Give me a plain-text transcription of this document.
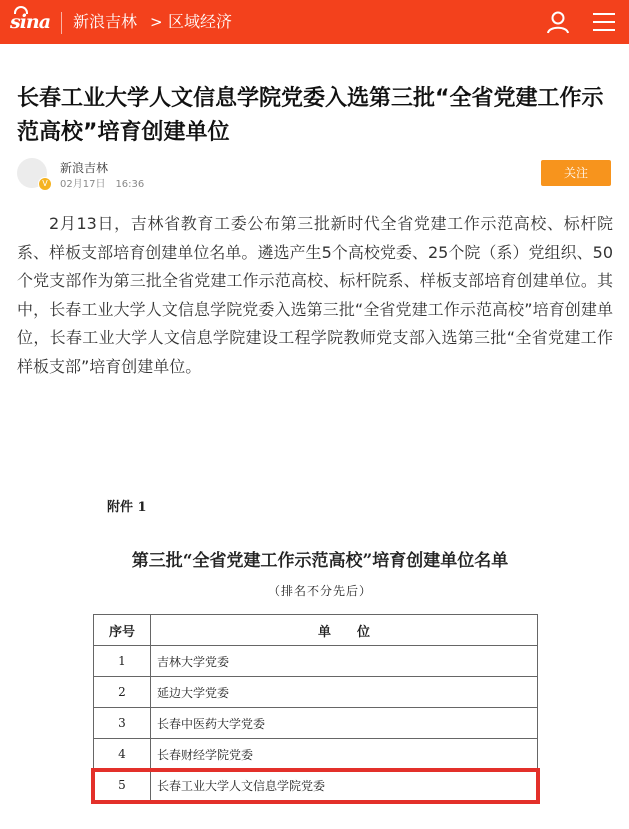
sina 新浪吉林 > 区域经济
长春工业大学人文信息学院党委入选第三批“全省党建工作示范高校”培育创建单位
V
新浪吉林
02月17日　16:36
关注

2月13日，吉林省教育工委公布第三批新时代全省党建工作示范高校、标杆院系、样板支部培育创建单位名单。遴选产生5个高校党委、25个院（系）党组织、50个党支部作为第三批全省党建工作示范高校、标杆院系、样板支部培育创建单位。其中，长春工业大学人文信息学院党委入选第三批“全省党建工作示范高校”培育创建单位，长春工业大学人文信息学院建设工程学院教师党支部入选第三批“全省党建工作样板支部”培育创建单位。

附件 1
第三批“全省党建工作示范高校”培育创建单位名单
（排名不分先后）
序号	单　　位
1	吉林大学党委
2	延边大学党委
3	长春中医药大学党委
4	长春财经学院党委
5	长春工业大学人文信息学院党委
